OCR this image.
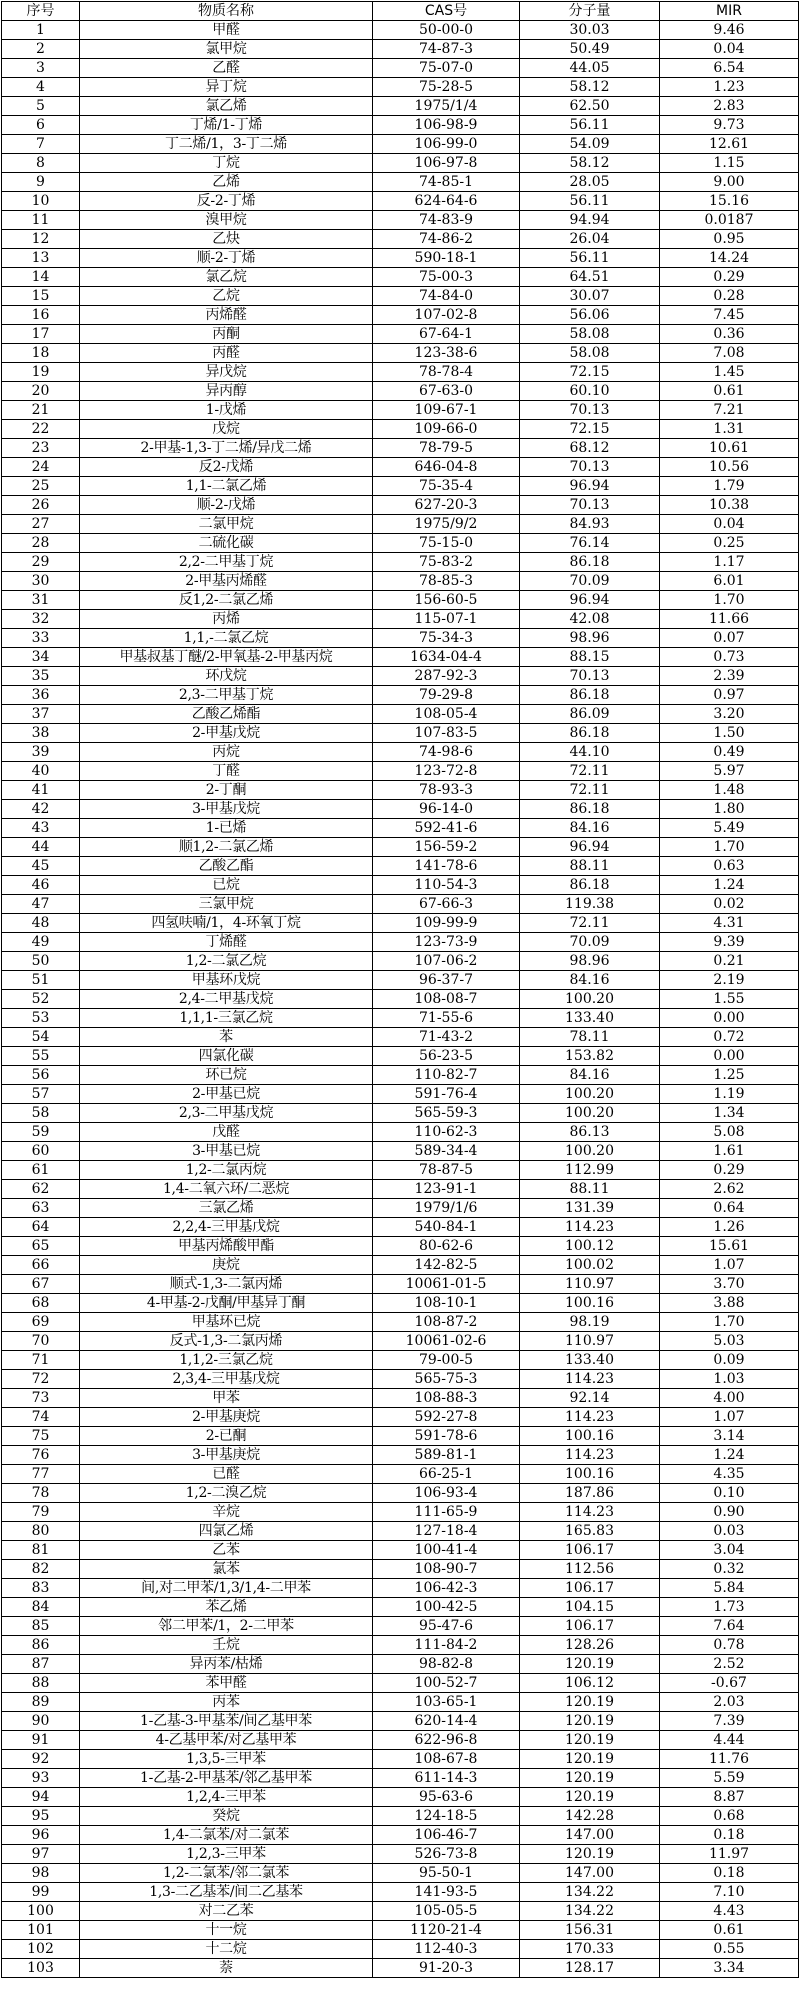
序号	物质名称	CAS号	分子量	MIR
1	甲醛	50-00-0	30.03	9.46
2	氯甲烷	74-87-3	50.49	0.04
3	乙醛	75-07-0	44.05	6.54
4	异丁烷	75-28-5	58.12	1.23
5	氯乙烯	1975/1/4	62.50	2.83
6	丁烯/1-丁烯	106-98-9	56.11	9.73
7	丁二烯/1，3-丁二烯	106-99-0	54.09	12.61
8	丁烷	106-97-8	58.12	1.15
9	乙烯	74-85-1	28.05	9.00
10	反-2-丁烯	624-64-6	56.11	15.16
11	溴甲烷	74-83-9	94.94	0.0187
12	乙炔	74-86-2	26.04	0.95
13	顺-2-丁烯	590-18-1	56.11	14.24
14	氯乙烷	75-00-3	64.51	0.29
15	乙烷	74-84-0	30.07	0.28
16	丙烯醛	107-02-8	56.06	7.45
17	丙酮	67-64-1	58.08	0.36
18	丙醛	123-38-6	58.08	7.08
19	异戊烷	78-78-4	72.15	1.45
20	异丙醇	67-63-0	60.10	0.61
21	1-戊烯	109-67-1	70.13	7.21
22	戊烷	109-66-0	72.15	1.31
23	2-甲基-1,3-丁二烯/异戊二烯	78-79-5	68.12	10.61
24	反2-戊烯	646-04-8	70.13	10.56
25	1,1-二氯乙烯	75-35-4	96.94	1.79
26	顺-2-戊烯	627-20-3	70.13	10.38
27	二氯甲烷	1975/9/2	84.93	0.04
28	二硫化碳	75-15-0	76.14	0.25
29	2,2-二甲基丁烷	75-83-2	86.18	1.17
30	2-甲基丙烯醛	78-85-3	70.09	6.01
31	反1,2-二氯乙烯	156-60-5	96.94	1.70
32	丙烯	115-07-1	42.08	11.66
33	1,1,-二氯乙烷	75-34-3	98.96	0.07
34	甲基叔基丁醚/2-甲氧基-2-甲基丙烷	1634-04-4	88.15	0.73
35	环戊烷	287-92-3	70.13	2.39
36	2,3-二甲基丁烷	79-29-8	86.18	0.97
37	乙酸乙烯酯	108-05-4	86.09	3.20
38	2-甲基戊烷	107-83-5	86.18	1.50
39	丙烷	74-98-6	44.10	0.49
40	丁醛	123-72-8	72.11	5.97
41	2-丁酮	78-93-3	72.11	1.48
42	3-甲基戊烷	96-14-0	86.18	1.80
43	1-已烯	592-41-6	84.16	5.49
44	顺1,2-二氯乙烯	156-59-2	96.94	1.70
45	乙酸乙酯	141-78-6	88.11	0.63
46	已烷	110-54-3	86.18	1.24
47	三氯甲烷	67-66-3	119.38	0.02
48	四氢呋喃/1，4-环氧丁烷	109-99-9	72.11	4.31
49	丁烯醛	123-73-9	70.09	9.39
50	1,2-二氯乙烷	107-06-2	98.96	0.21
51	甲基环戊烷	96-37-7	84.16	2.19
52	2,4-二甲基戊烷	108-08-7	100.20	1.55
53	1,1,1-三氯乙烷	71-55-6	133.40	0.00
54	苯	71-43-2	78.11	0.72
55	四氯化碳	56-23-5	153.82	0.00
56	环已烷	110-82-7	84.16	1.25
57	2-甲基已烷	591-76-4	100.20	1.19
58	2,3-二甲基戊烷	565-59-3	100.20	1.34
59	戊醛	110-62-3	86.13	5.08
60	3-甲基已烷	589-34-4	100.20	1.61
61	1,2-二氯丙烷	78-87-5	112.99	0.29
62	1,4-二氧六环/二恶烷	123-91-1	88.11	2.62
63	三氯乙烯	1979/1/6	131.39	0.64
64	2,2,4-三甲基戊烷	540-84-1	114.23	1.26
65	甲基丙烯酸甲酯	80-62-6	100.12	15.61
66	庚烷	142-82-5	100.02	1.07
67	顺式-1,3-二氯丙烯	10061-01-5	110.97	3.70
68	4-甲基-2-戊酮/甲基异丁酮	108-10-1	100.16	3.88
69	甲基环已烷	108-87-2	98.19	1.70
70	反式-1,3-二氯丙烯	10061-02-6	110.97	5.03
71	1,1,2-三氯乙烷	79-00-5	133.40	0.09
72	2,3,4-三甲基戊烷	565-75-3	114.23	1.03
73	甲苯	108-88-3	92.14	4.00
74	2-甲基庚烷	592-27-8	114.23	1.07
75	2-已酮	591-78-6	100.16	3.14
76	3-甲基庚烷	589-81-1	114.23	1.24
77	已醛	66-25-1	100.16	4.35
78	1,2-二溴乙烷	106-93-4	187.86	0.10
79	辛烷	111-65-9	114.23	0.90
80	四氯乙烯	127-18-4	165.83	0.03
81	乙苯	100-41-4	106.17	3.04
82	氯苯	108-90-7	112.56	0.32
83	间,对二甲苯/1,3/1,4-二甲苯	106-42-3	106.17	5.84
84	苯乙烯	100-42-5	104.15	1.73
85	邻二甲苯/1，2-二甲苯	95-47-6	106.17	7.64
86	壬烷	111-84-2	128.26	0.78
87	异丙苯/枯烯	98-82-8	120.19	2.52
88	苯甲醛	100-52-7	106.12	-0.67
89	丙苯	103-65-1	120.19	2.03
90	1-乙基-3-甲基苯/间乙基甲苯	620-14-4	120.19	7.39
91	4-乙基甲苯/对乙基甲苯	622-96-8	120.19	4.44
92	1,3,5-三甲苯	108-67-8	120.19	11.76
93	1-乙基-2-甲基苯/邻乙基甲苯	611-14-3	120.19	5.59
94	1,2,4-三甲苯	95-63-6	120.19	8.87
95	癸烷	124-18-5	142.28	0.68
96	1,4-二氯苯/对二氯苯	106-46-7	147.00	0.18
97	1,2,3-三甲苯	526-73-8	120.19	11.97
98	1,2-二氯苯/邻二氯苯	95-50-1	147.00	0.18
99	1,3-二乙基苯/间二乙基苯	141-93-5	134.22	7.10
100	对二乙苯	105-05-5	134.22	4.43
101	十一烷	1120-21-4	156.31	0.61
102	十二烷	112-40-3	170.33	0.55
103	萘	91-20-3	128.17	3.34
